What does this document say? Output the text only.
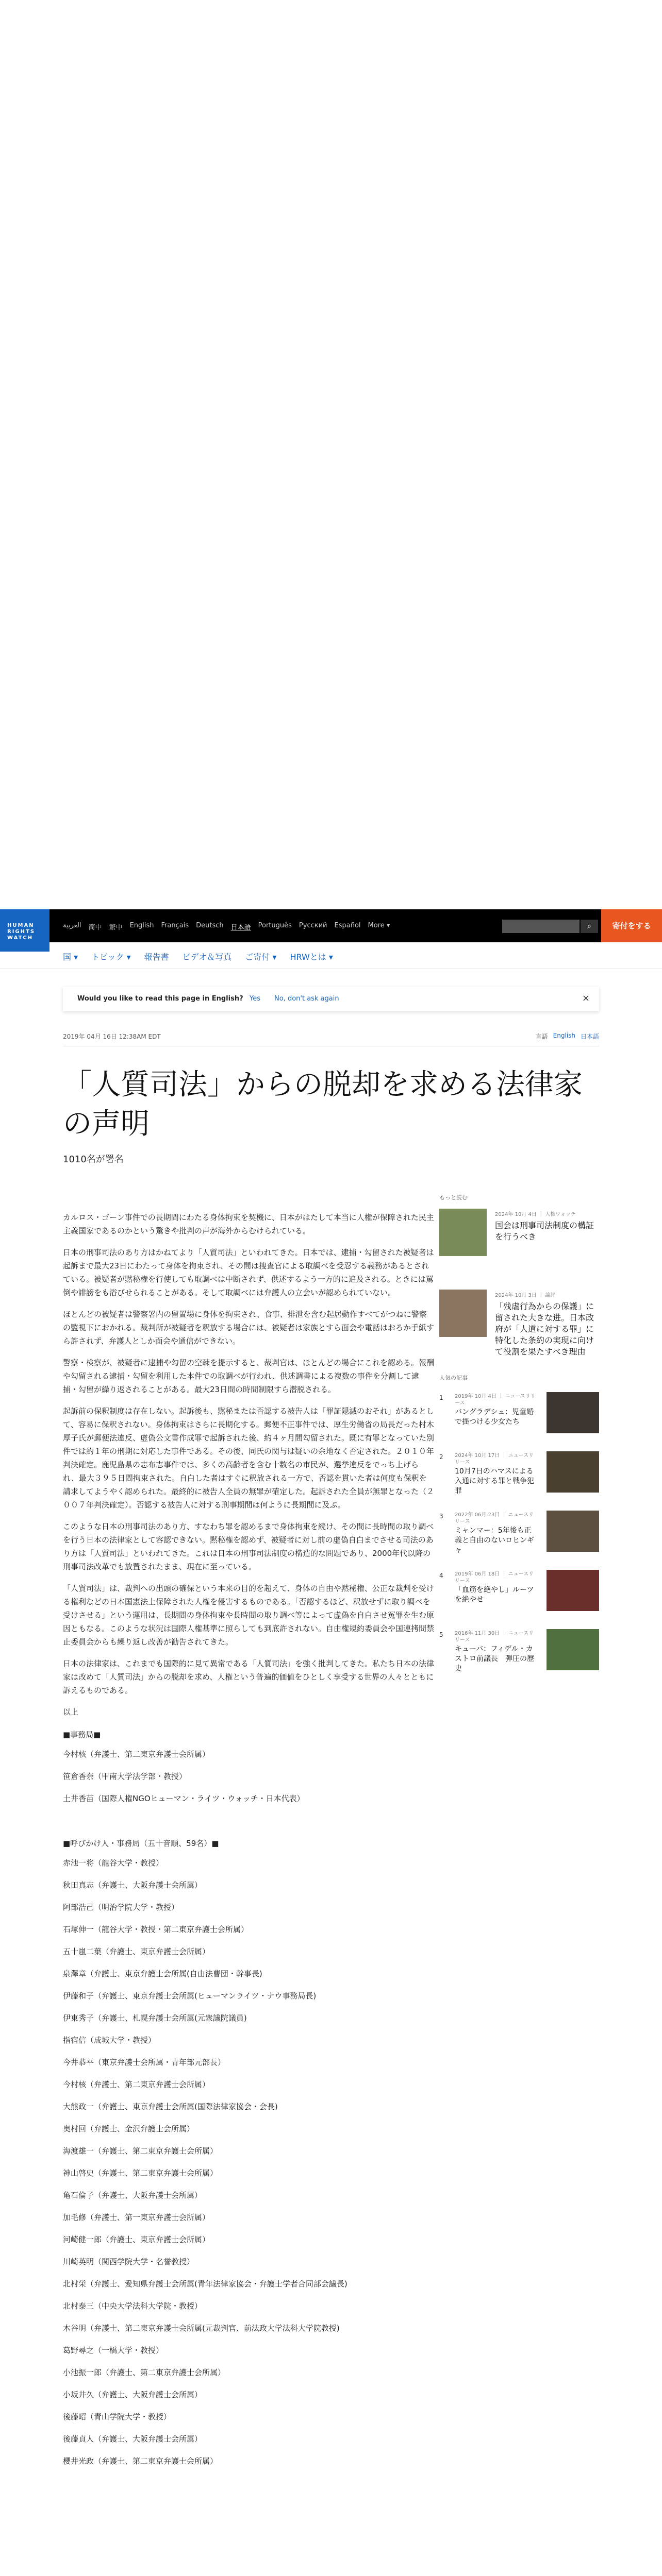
HUMAN
RIGHTS
WATCH
العربية 简中 繁中 English Français Deutsch 日本語 Português Русский Español More ▾	⌕	寄付をする
国 ▾ トピック ▾ 報告書 ビデオ＆写真 ご寄付 ▾ HRWとは ▾
Would you like to read this page in English? Yes No, don't ask again	×
2019年 04月 16日 12:38AM EDT	言語 English 日本語
「人質司法」からの脱却を求める法律家の声明
1010名が署名

カルロス・ゴーン事件での長期間にわたる身体拘束を契機に、日本がはたして本当に人権が保障された民主主義国家であるのかという驚きや批判の声が海外からむけられている。

日本の刑事司法のあり方はかねてより「人質司法」といわれてきた。日本では、逮捕・勾留された被疑者は起訴まで最大23日にわたって身体を拘束され、その間は捜査官による取調べを受忍する義務があるとされている。被疑者が黙秘権を行使しても取調べは中断されず、供述するよう一方的に追及される。ときには罵倒や誹謗をも浴びせられることがある。そして取調べには弁護人の立会いが認められていない。

ほとんどの被疑者は警察署内の留置場に身体を拘束され、食事、排泄を含む起居動作すべてがつねに警察の監視下におかれる。裁判所が被疑者を釈放する場合には、被疑者は家族とすら面会や電話はおろか手紙すら許されず、弁護人としか面会や通信ができない。

警察・検察が、被疑者に逮捕や勾留の空疎を提示すると、裁判官は、ほとんどの場合にこれを認める。報酬や勾留される逮捕・勾留を利用した本件での取調べが行われ、供述調書による複数の事件を分割して逮捕・勾留が繰り返されることがある。最大23日間の時間制限すら潜脱される。

起訴前の保釈制度は存在しない。起訴後も、黙秘または否認する被告人は「罪証隠滅のおそれ」があるとして、容易に保釈されない。身体拘束はさらに長期化する。郵便不正事件では、厚生労働省の局長だった村木厚子氏が郵便法違反、虚偽公文書作成罪で起訴された後、約４ヶ月間勾留された。既に有罪となっていた別件では約１年の刑期に対応した事件である。その後、同氏の関与は疑いの余地なく否定された。２０１０年判決確定。鹿児島県の志布志事件では、多くの高齢者を含む十数名の市民が、選挙違反をでっち上げられ、最大３９５日間拘束された。自白した者はすぐに釈放される一方で、否認を貫いた者は何度も保釈を請求してようやく認められた。最終的に被告人全員の無罪が確定した。起訴された全員が無罪となった（２００７年判決確定）。否認する被告人に対する刑事期間は何ように長期間に及ぶ。

このような日本の刑事司法のあり方、すなわち罪を認めるまで身体拘束を続け、その間に長時間の取り調べを行う日本の法律家として容認できない。黙秘権を認めず、被疑者に対し前の虚偽自白までさせる司法のあり方は「人質司法」といわれてきた。これは日本の刑事司法制度の構造的な問題であり、2000年代以降の刑事司法改革でも放置されたまま、現在に至っている。

「人質司法」は、裁判への出頭の確保という本来の目的を超えて、身体の自由や黙秘権、公正な裁判を受ける権利などの日本国憲法上保障された人権を侵害するものである。「否認するほど、釈放せずに取り調べを受けさせる」という運用は、長期間の身体拘束や長時間の取り調べ等によって虚偽を自白させ冤罪を生む原因ともなる。このような状況は国際人権基準に照らしても到底許されない。自由権規約委員会や国連拷問禁止委員会からも繰り返し改善が勧告されてきた。

日本の法律家は、これまでも国際的に見て異常である「人質司法」を強く批判してきた。私たち日本の法律家は改めて「人質司法」からの脱却を求め、人権という普遍的価値をひとしく享受する世界の人々とともに訴えるものである。

以上

■事務局■

今村核（弁護士、第二東京弁護士会所属）

笹倉香奈（甲南大学法学部・教授）

土井香苗（国際人権NGOヒューマン・ライツ・ウォッチ・日本代表）

■呼びかけ人・事務局（五十音順、59名）■

赤池一将（龍谷大学・教授）

秋田真志（弁護士、大阪弁護士会所属）

阿部浩己（明治学院大学・教授）

石塚伸一（龍谷大学・教授・第二東京弁護士会所属）

五十嵐二葉（弁護士、東京弁護士会所属）

泉澤章（弁護士、東京弁護士会所属(自由法曹団・幹事長)

伊藤和子（弁護士、東京弁護士会所属(ヒューマンライツ・ナウ事務局長)

伊東秀子（弁護士、札幌弁護士会所属(元衆議院議員)

指宿信（成城大学・教授）

今井恭平（東京弁護士会所属・青年部元部長）

今村核（弁護士、第二東京弁護士会所属）

大熊政一（弁護士、東京弁護士会所属(国際法律家協会・会長)

奥村回（弁護士、金沢弁護士会所属）

海渡雄一（弁護士、第二東京弁護士会所属）

神山啓史（弁護士、第二東京弁護士会所属）

亀石倫子（弁護士、大阪弁護士会所属）

加毛修（弁護士、第一東京弁護士会所属）

河崎健一郎（弁護士、東京弁護士会所属）

川崎英明（関西学院大学・名誉教授）

北村栄（弁護士、愛知県弁護士会所属(青年法律家協会・弁護士学者合同部会議長)

北村泰三（中央大学法科大学院・教授）

木谷明（弁護士、第二東京弁護士会所属(元裁判官、前法政大学法科大学院教授)

葛野尋之（一橋大学・教授）

小池振一郎（弁護士、第二東京弁護士会所属）

小坂井久（弁護士、大阪弁護士会所属）

後藤昭（青山学院大学・教授）

後藤貞人（弁護士、大阪弁護士会所属）

櫻井光政（弁護士、第二東京弁護士会所属）

もっと読む
2024年 10月 4日 ｜ 人権ウォッチ
国会は刑事司法制度の構証を行うべき
2024年 10月 3日 ｜ 論評
「残虐行為からの保護」に留された大きな进。日本政府が「人道に対する罪」に特化した条約の実現に向けて役割を果たすべき理由
人気の記事
1 2019年 10月 4日 ｜ ニュースリリース
バングラデシュ：児童婚で揺つける少女たち
2 2024年 10月 17日 ｜ ニュースリリース
10月7日のハマスによる入通に対する罪と戦争犯罪
3 2022年 06月 23日 ｜ ニュースリリース
ミャンマー：5年後も正義と自由のないロヒンギャ
4 2019年 06月 18日 ｜ ニュースリリース
「血筋を絶やし」ルーツを絶やせ
5 2016年 11月 30日 ｜ ニュースリリース
キューバ：フィデル・カストロ前議長　弾圧の歴史
